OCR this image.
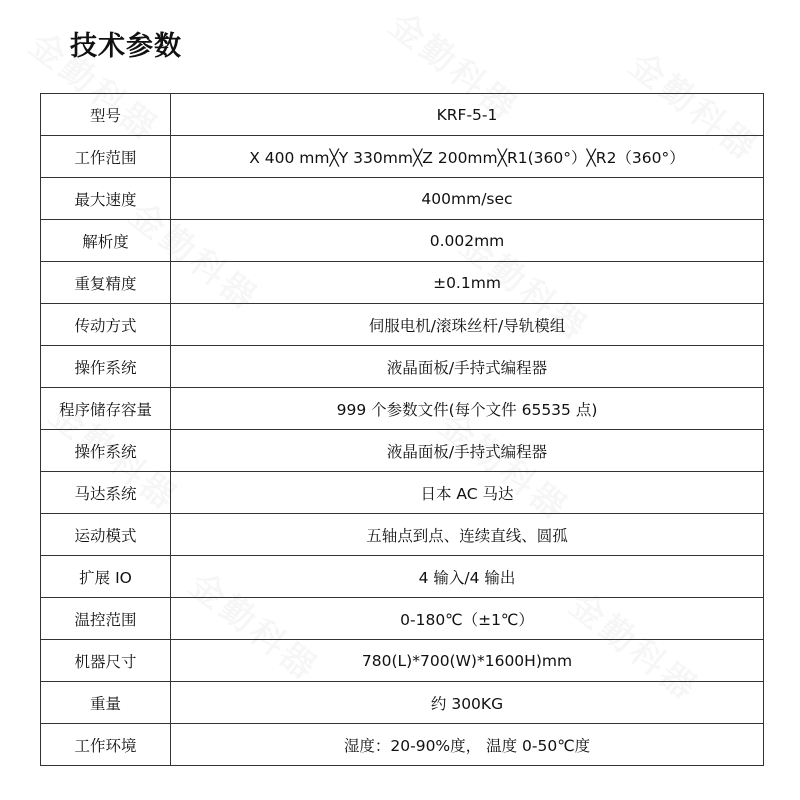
技术参数
型号	KRF-5-1
工作范围	X 400 mm╳Y 330mm╳Z 200mm╳R1(360°）╳R2（360°）
最大速度	400mm/sec
解析度	0.002mm
重复精度	±0.1mm
传动方式	伺服电机/滚珠丝杆/导轨模组
操作系统	液晶面板/手持式编程器
程序储存容量	999 个参数文件(每个文件 65535 点)
操作系统	液晶面板/手持式编程器
马达系统	日本 AC 马达
运动模式	五轴点到点、连续直线、圆孤
扩展 IO	4 输入/4 输出
温控范围	0-180℃（±1℃）
机器尺寸	780(L)*700(W)*1600H)mm
重量	约 300KG
工作环境	湿度：20-90%度， 温度 0-50℃度
